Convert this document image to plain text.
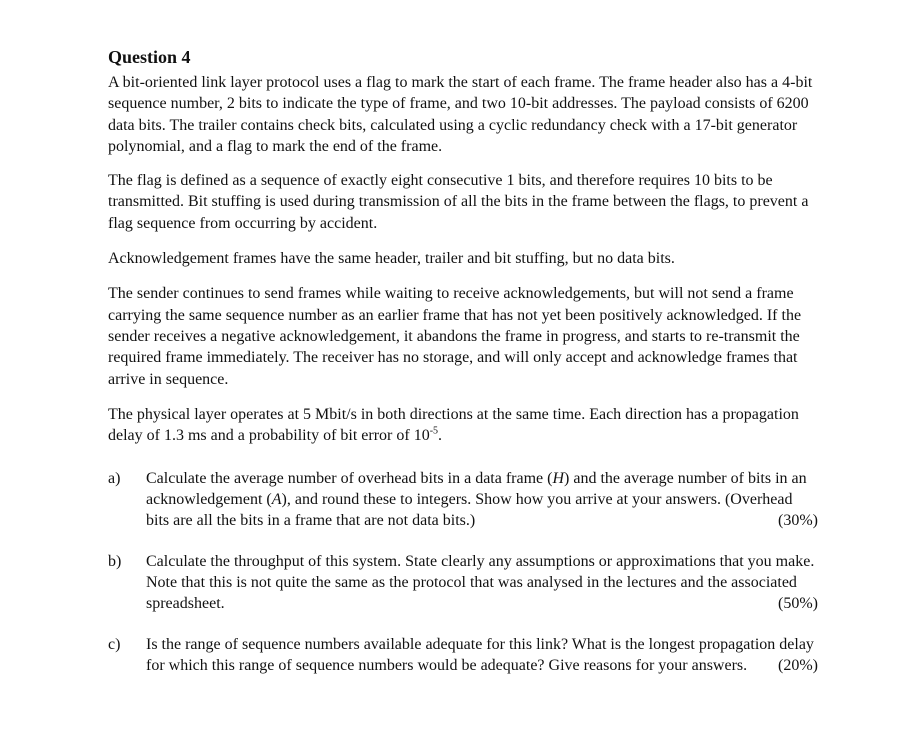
Question 4

A bit-oriented link layer protocol uses a flag to mark the start of each frame. The frame header also has a 4-bit sequence number, 2 bits to indicate the type of frame, and two 10-bit addresses. The payload consists of 6200 data bits. The trailer contains check bits, calculated using a cyclic redundancy check with a 17-bit generator polynomial, and a flag to mark the end of the frame.

The flag is defined as a sequence of exactly eight consecutive 1 bits, and therefore requires 10 bits to be transmitted. Bit stuffing is used during transmission of all the bits in the frame between the flags, to prevent a flag sequence from occurring by accident.

Acknowledgement frames have the same header, trailer and bit stuffing, but no data bits.

The sender continues to send frames while waiting to receive acknowledgements, but will not send a frame carrying the same sequence number as an earlier frame that has not yet been positively acknowledged. If the sender receives a negative acknowledgement, it abandons the frame in progress, and starts to re-transmit the required frame immediately. The receiver has no storage, and will only accept and acknowledge frames that arrive in sequence.

The physical layer operates at 5 Mbit/s in both directions at the same time. Each direction has a propagation delay of 1.3 ms and a probability of bit error of $10^{-5}$.

a) Calculate the average number of overhead bits in a data frame (H) and the average number of bits in an acknowledgement (A), and round these to integers. Show how you arrive at your answers. (Overhead bits are all the bits in a frame that are not data bits.)	(30%)
b) Calculate the throughput of this system. State clearly any assumptions or approximations that you make. Note that this is not quite the same as the protocol that was analysed in the lectures and the associated spreadsheet.	(50%)
c) Is the range of sequence numbers available adequate for this link? What is the longest propagation delay for which this range of sequence numbers would be adequate? Give reasons for your answers. (20%)
